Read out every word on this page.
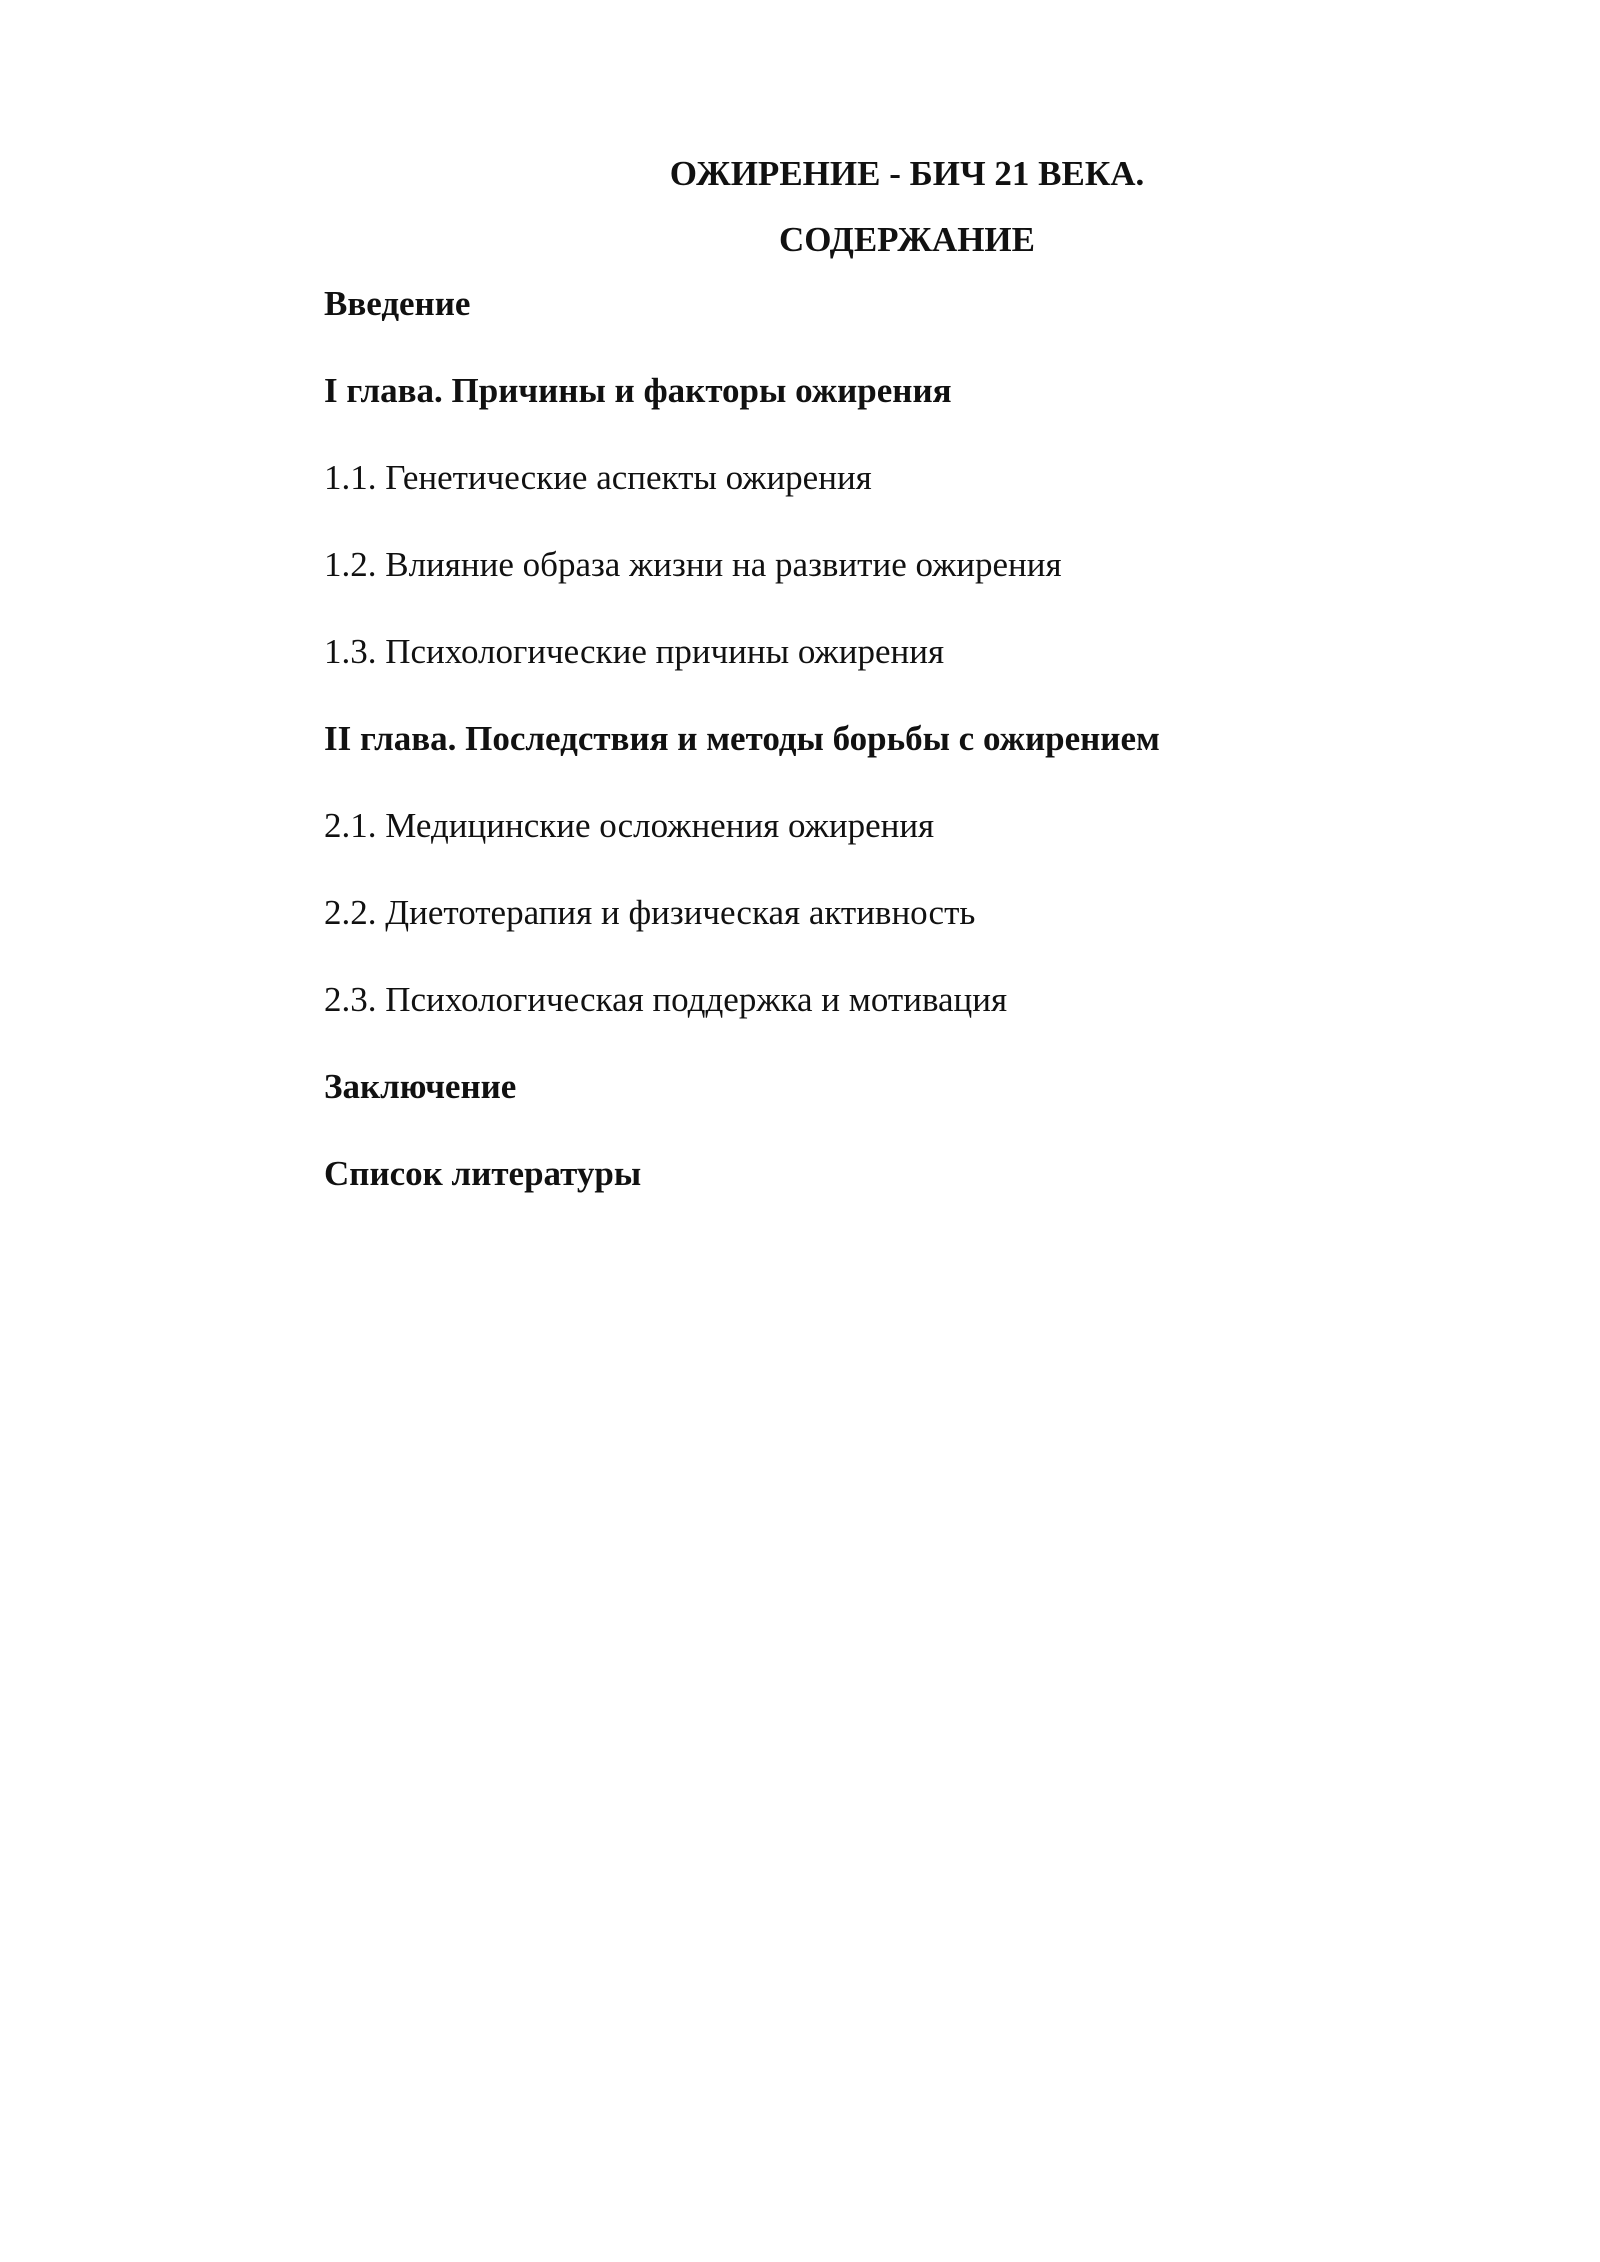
ОЖИРЕНИЕ - БИЧ 21 ВЕКА.
СОДЕРЖАНИЕ
Введение
I глава. Причины и факторы ожирения
1.1. Генетические аспекты ожирения
1.2. Влияние образа жизни на развитие ожирения
1.3. Психологические причины ожирения
II глава. Последствия и методы борьбы с ожирением
2.1. Медицинские осложнения ожирения
2.2. Диетотерапия и физическая активность
2.3. Психологическая поддержка и мотивация
Заключение
Список литературы
